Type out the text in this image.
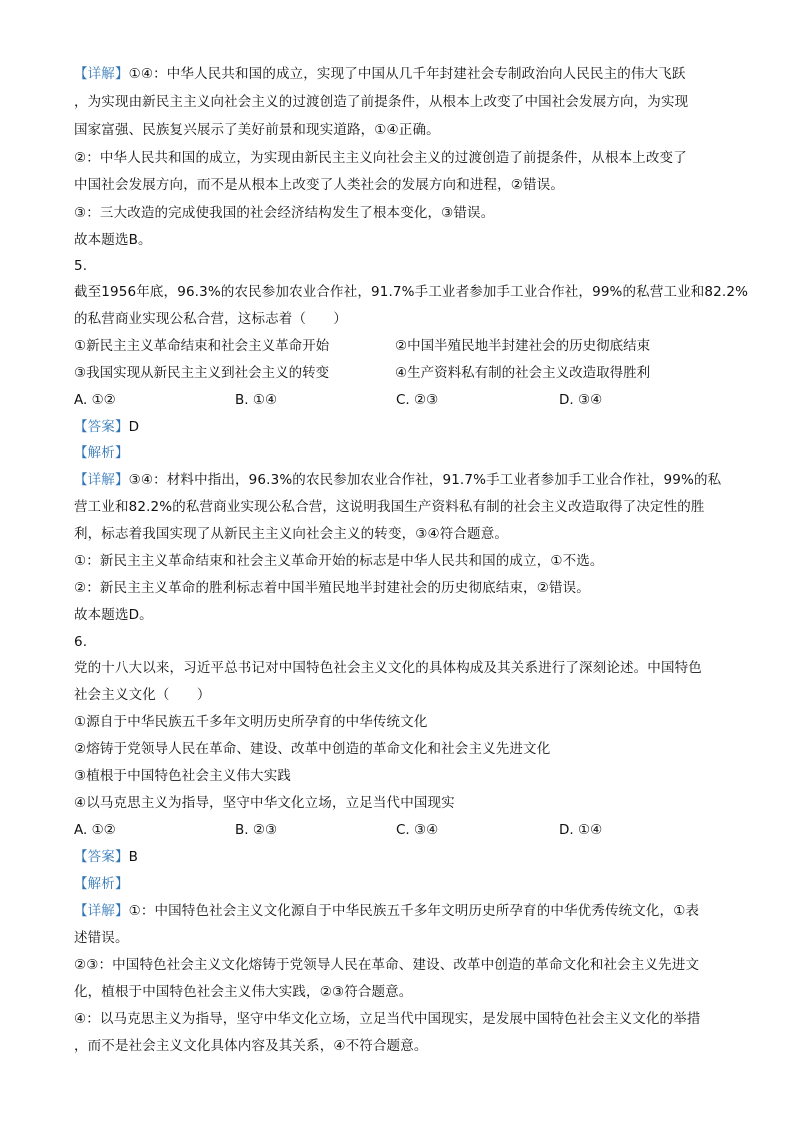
【详解】①④：中华人民共和国的成立，实现了中国从几千年封建社会专制政治向人民民主的伟大飞跃
，为实现由新民主主义向社会主义的过渡创造了前提条件，从根本上改变了中国社会发展方向，为实现
国家富强、民族复兴展示了美好前景和现实道路，①④正确。
②：中华人民共和国的成立，为实现由新民主主义向社会主义的过渡创造了前提条件，从根本上改变了
中国社会发展方向，而不是从根本上改变了人类社会的发展方向和进程，②错误。
③：三大改造的完成使我国的社会经济结构发生了根本变化，③错误。
故本题选B。
5.
截至1956年底，96.3%的农民参加农业合作社，91.7%手工业者参加手工业合作社，99%的私营工业和82.2%
的私营商业实现公私合营，这标志着（　　）
①新民主主义革命结束和社会主义革命开始	②中国半殖民地半封建社会的历史彻底结束
③我国实现从新民主主义到社会主义的转变	④生产资料私有制的社会主义改造取得胜利
A. ①②	B. ①④	C. ②③	D. ③④
【答案】D
【解析】
【详解】③④：材料中指出，96.3%的农民参加农业合作社，91.7%手工业者参加手工业合作社，99%的私
营工业和82.2%的私营商业实现公私合营，这说明我国生产资料私有制的社会主义改造取得了决定性的胜
利，标志着我国实现了从新民主主义向社会主义的转变，③④符合题意。
①：新民主主义革命结束和社会主义革命开始的标志是中华人民共和国的成立，①不选。
②：新民主主义革命的胜利标志着中国半殖民地半封建社会的历史彻底结束，②错误。
故本题选D。
6.
党的十八大以来，习近平总书记对中国特色社会主义文化的具体构成及其关系进行了深刻论述。中国特色
社会主义文化（　　）
①源自于中华民族五千多年文明历史所孕育的中华传统文化
②熔铸于党领导人民在革命、建设、改革中创造的革命文化和社会主义先进文化
③植根于中国特色社会主义伟大实践
④以马克思主义为指导，坚守中华文化立场，立足当代中国现实
A. ①②	B. ②③	C. ③④	D. ①④
【答案】B
【解析】
【详解】①：中国特色社会主义文化源自于中华民族五千多年文明历史所孕育的中华优秀传统文化，①表
述错误。
②③：中国特色社会主义文化熔铸于党领导人民在革命、建设、改革中创造的革命文化和社会主义先进文
化，植根于中国特色社会主义伟大实践，②③符合题意。
④：以马克思主义为指导，坚守中华文化立场，立足当代中国现实，是发展中国特色社会主义文化的举措
，而不是社会主义文化具体内容及其关系，④不符合题意。
